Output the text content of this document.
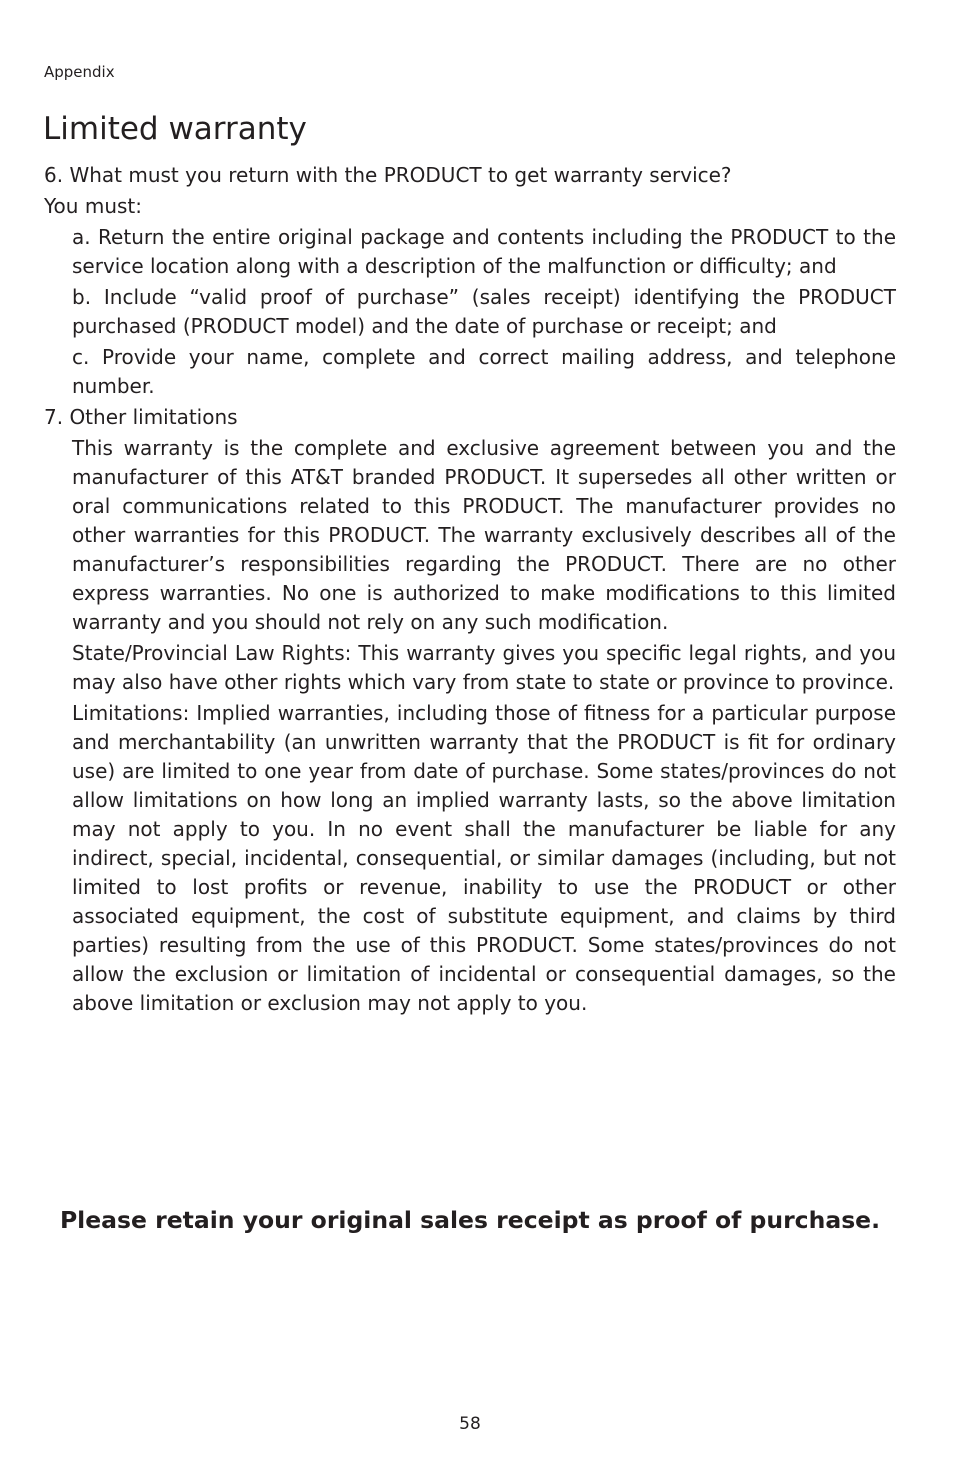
Appendix
Limited warranty

6. What must you return with the PRODUCT to get warranty service?

You must:

a. Return the entire original package and contents including the PRODUCT to the service location along with a description of the malfunction or difficulty; and

b. Include “valid proof of purchase” (sales receipt) identifying the PRODUCT purchased (PRODUCT model) and the date of purchase or receipt; and

c. Provide your name, complete and correct mailing address, and telephone number.

7. Other limitations

This warranty is the complete and exclusive agreement between you and the manufacturer of this AT&T branded PRODUCT. It supersedes all other written or oral communications related to this PRODUCT. The manufacturer provides no other warranties for this PRODUCT. The warranty exclusively describes all of the manufacturer’s responsibilities regarding the PRODUCT. There are no other express warranties. No one is authorized to make modifications to this limited warranty and you should not rely on any such modification.

State/Provincial Law Rights: This warranty gives you specific legal rights, and you may also have other rights which vary from state to state or province to province.

Limitations: Implied warranties, including those of fitness for a particular purpose and merchantability (an unwritten warranty that the PRODUCT is fit for ordinary use) are limited to one year from date of purchase. Some states/provinces do not allow limitations on how long an implied warranty lasts, so the above limitation may not apply to you. In no event shall the manufacturer be liable for any indirect, special, incidental, consequential, or similar damages (including, but not limited to lost profits or revenue, inability to use the PRODUCT or other associated equipment, the cost of substitute equipment, and claims by third parties) resulting from the use of this PRODUCT. Some states/provinces do not allow the exclusion or limitation of incidental or consequential damages, so the above limitation or exclusion may not apply to you.

Please retain your original sales receipt as proof of purchase.
58
